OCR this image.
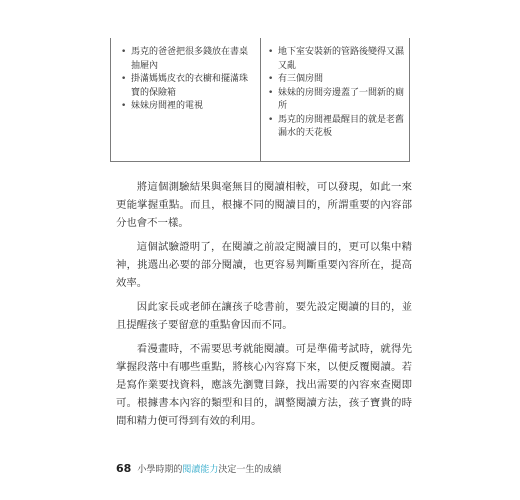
• 馬克的爸爸把很多錢放在書桌抽屜內
• 掛滿媽媽皮衣的衣櫥和擺滿珠寶的保險箱
• 妹妹房間裡的電視
• 地下室安裝新的管路後變得又濕又亂
• 有三個房間
• 妹妹的房間旁邊蓋了一間新的廁所
• 馬克的房間裡最醒目的就是老舊漏水的天花板

將這個測驗結果與毫無目的閱讀相較，可以發現，如此一來更能掌握重點。而且，根據不同的閱讀目的，所謂重要的內容部分也會不一樣。

這個試驗證明了，在閱讀之前設定閱讀目的，更可以集中精神，挑選出必要的部分閱讀，也更容易判斷重要內容所在，提高效率。

因此家長或老師在讓孩子唸書前，要先設定閱讀的目的，並且提醒孩子要留意的重點會因而不同。

看漫畫時，不需要思考就能閱讀。可是準備考試時，就得先掌握段落中有哪些重點，將核心內容寫下來，以便反覆閱讀。若是寫作業要找資料，應該先瀏覽目錄，找出需要的內容來查閱即可。根據書本內容的類型和目的，調整閱讀方法，孩子寶貴的時間和精力便可得到有效的利用。

68 小學時期的閱讀能力決定一生的成績
